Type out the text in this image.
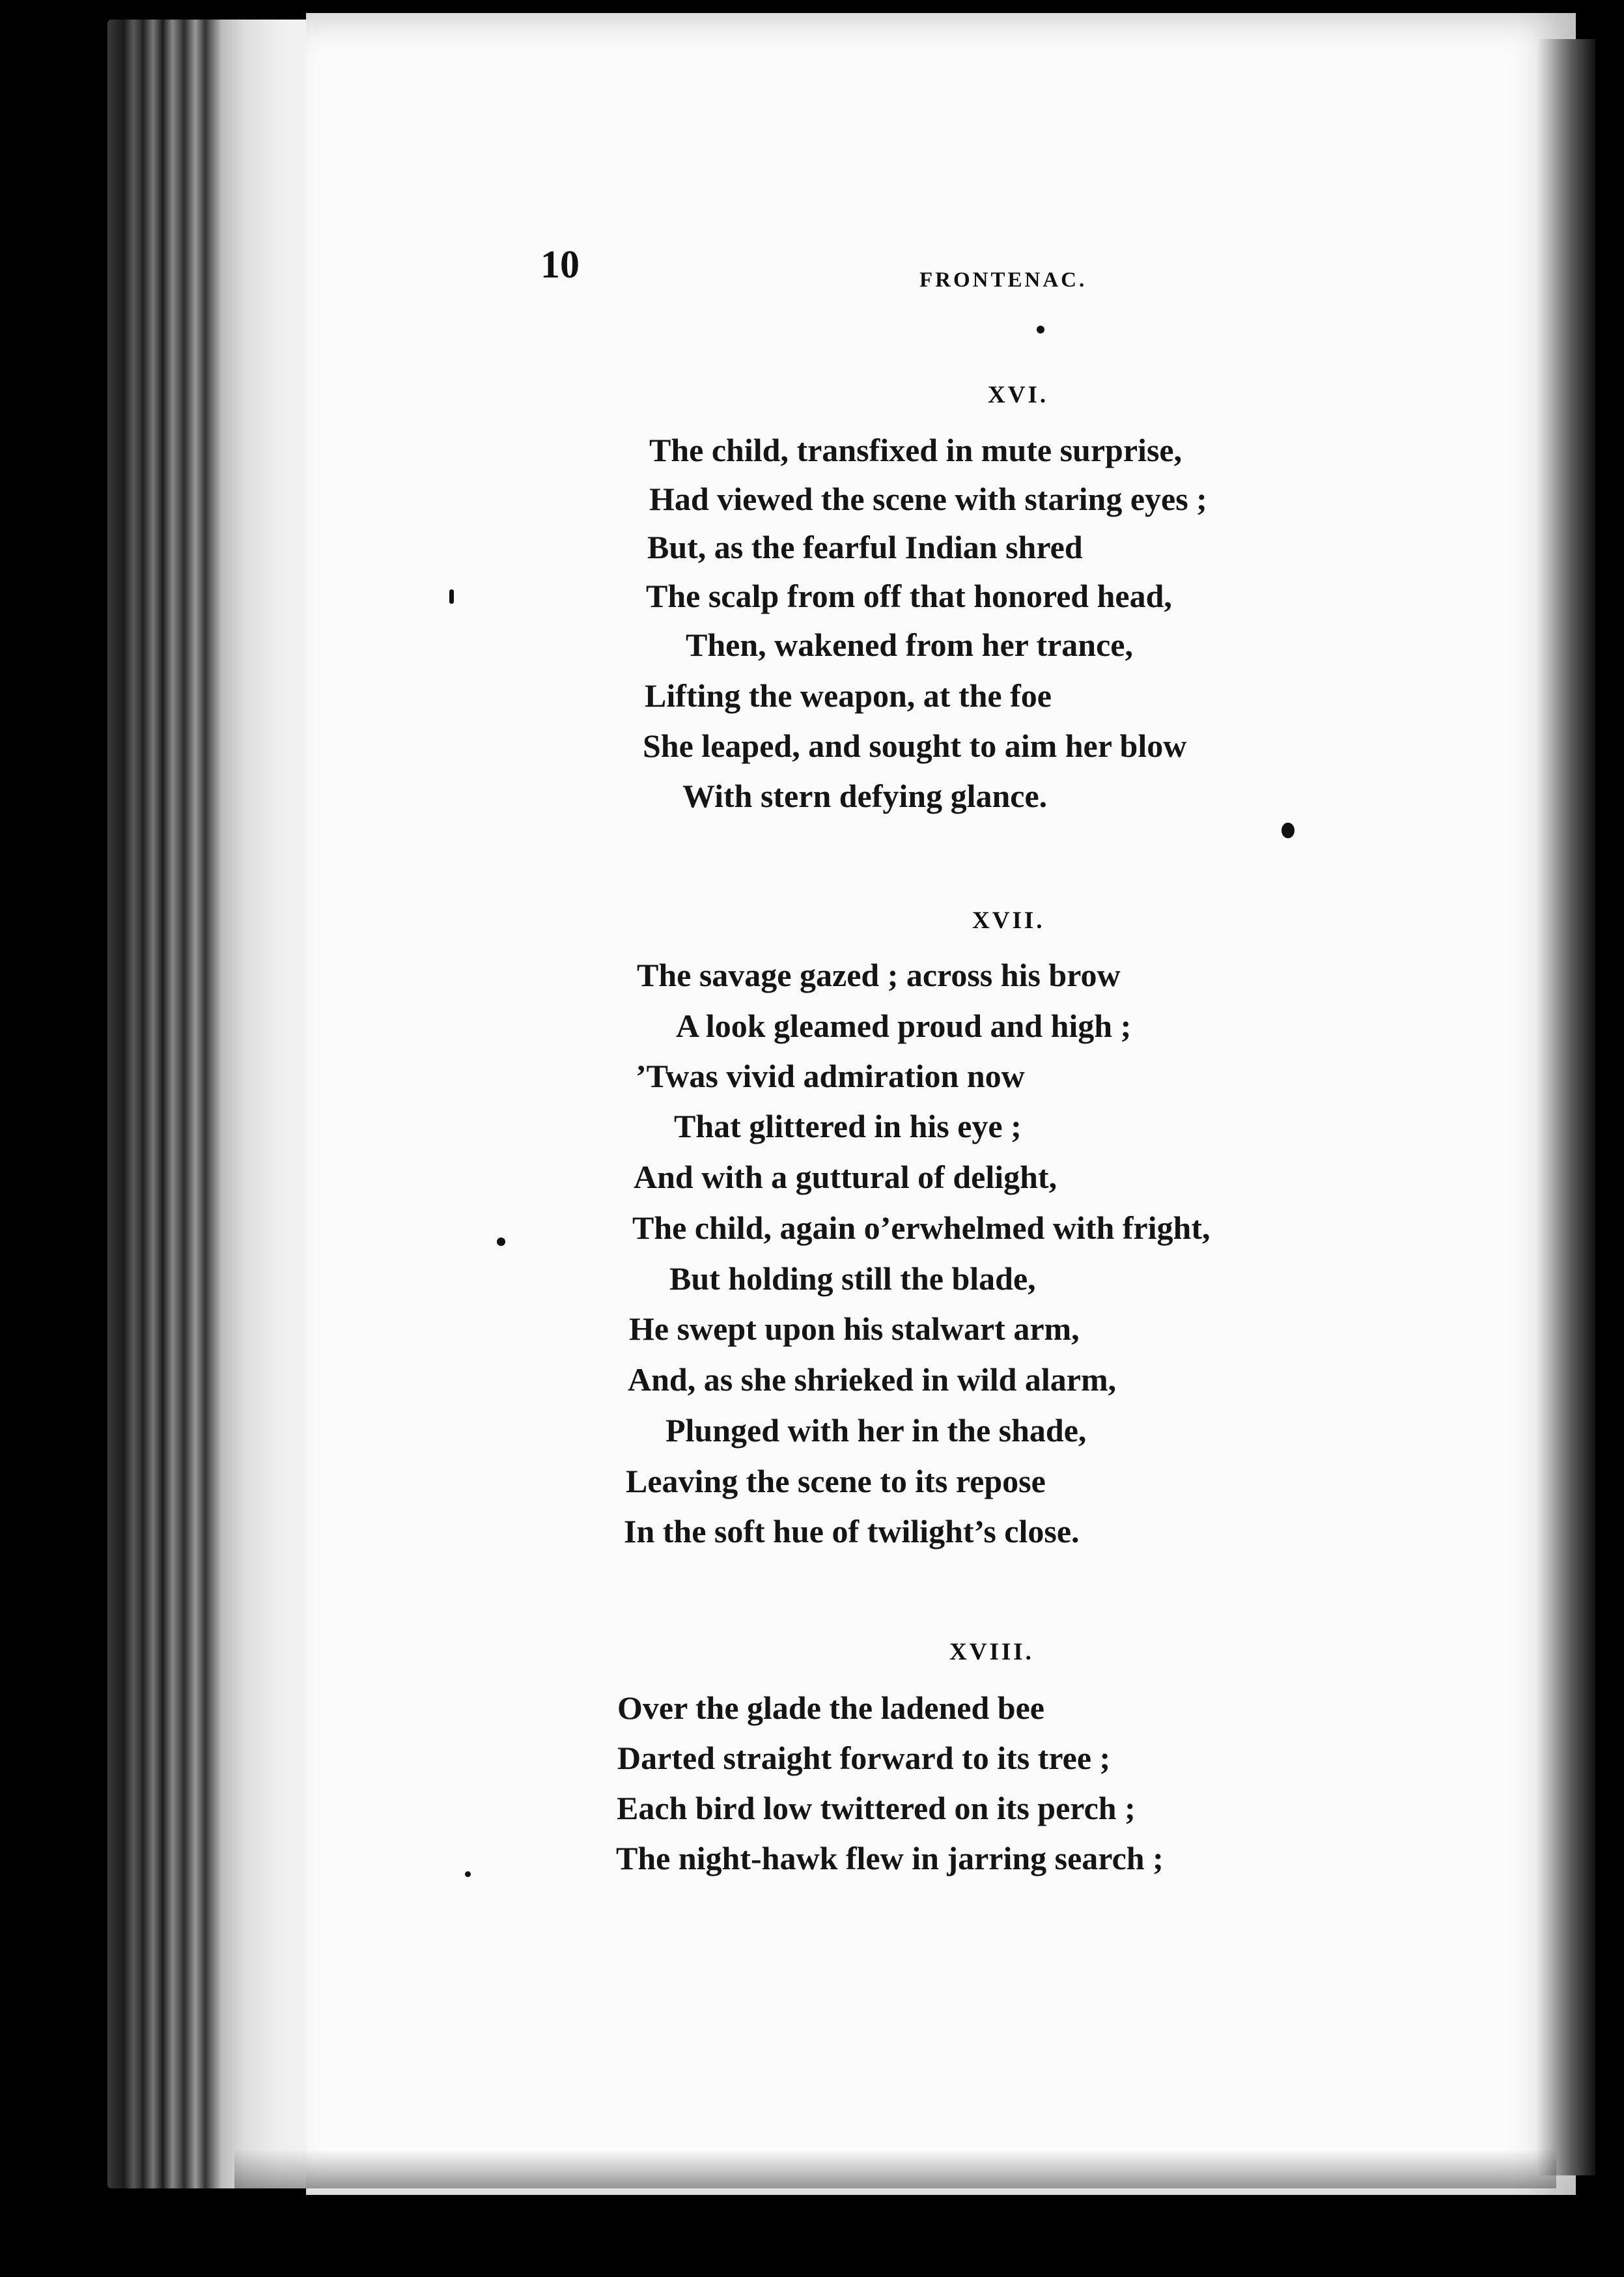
10	FRONTENAC.

XVI.

The child, transfixed in mute surprise,

Had viewed the scene with staring eyes ;

But, as the fearful Indian shred

The scalp from off that honored head,

Then, wakened from her trance,

Lifting the weapon, at the foe

She leaped, and sought to aim her blow

With stern defying glance.

XVII.

The savage gazed ; across his brow

A look gleamed proud and high ;

’Twas vivid admiration now

That glittered in his eye ;

And with a guttural of delight,

The child, again o’erwhelmed with fright,

But holding still the blade,

He swept upon his stalwart arm,

And, as she shrieked in wild alarm,

Plunged with her in the shade,

Leaving the scene to its repose

In the soft hue of twilight’s close.

XVIII.

Over the glade the ladened bee

Darted straight forward to its tree ;

Each bird low twittered on its perch ;

The night-hawk flew in jarring search ;
